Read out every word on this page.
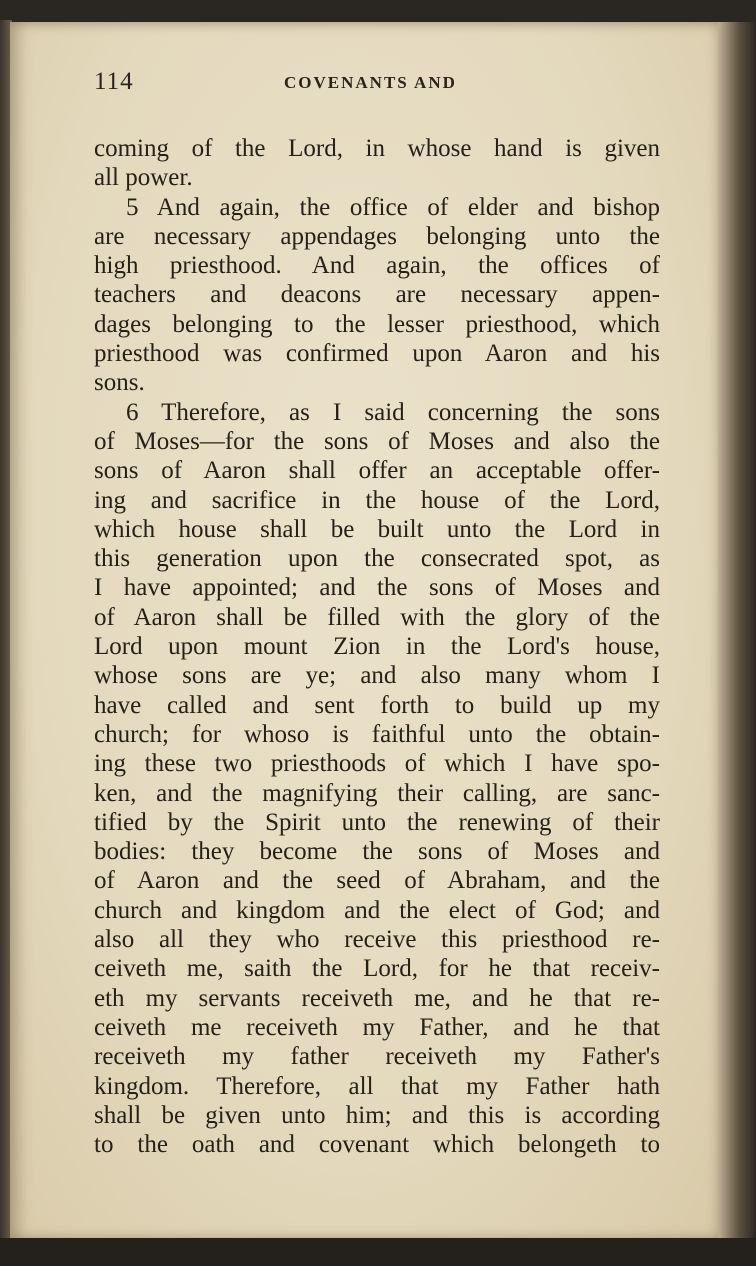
114	COVENANTS AND
coming of the Lord, in whose hand is given
all power.
5 And again, the office of elder and bishop
are necessary appendages belonging unto the
high priesthood. And again, the offices of
teachers and deacons are necessary appen-
dages belonging to the lesser priesthood, which
priesthood was confirmed upon Aaron and his
sons.
6 Therefore, as I said concerning the sons
of Moses—for the sons of Moses and also the
sons of Aaron shall offer an acceptable offer-
ing and sacrifice in the house of the Lord,
which house shall be built unto the Lord in
this generation upon the consecrated spot, as
I have appointed; and the sons of Moses and
of Aaron shall be filled with the glory of the
Lord upon mount Zion in the Lord's house,
whose sons are ye; and also many whom I
have called and sent forth to build up my
church; for whoso is faithful unto the obtain-
ing these two priesthoods of which I have spo-
ken, and the magnifying their calling, are sanc-
tified by the Spirit unto the renewing of their
bodies: they become the sons of Moses and
of Aaron and the seed of Abraham, and the
church and kingdom and the elect of God; and
also all they who receive this priesthood re-
ceiveth me, saith the Lord, for he that receiv-
eth my servants receiveth me, and he that re-
ceiveth me receiveth my Father, and he that
receiveth my father receiveth my Father's
kingdom. Therefore, all that my Father hath
shall be given unto him; and this is according
to the oath and covenant which belongeth to
